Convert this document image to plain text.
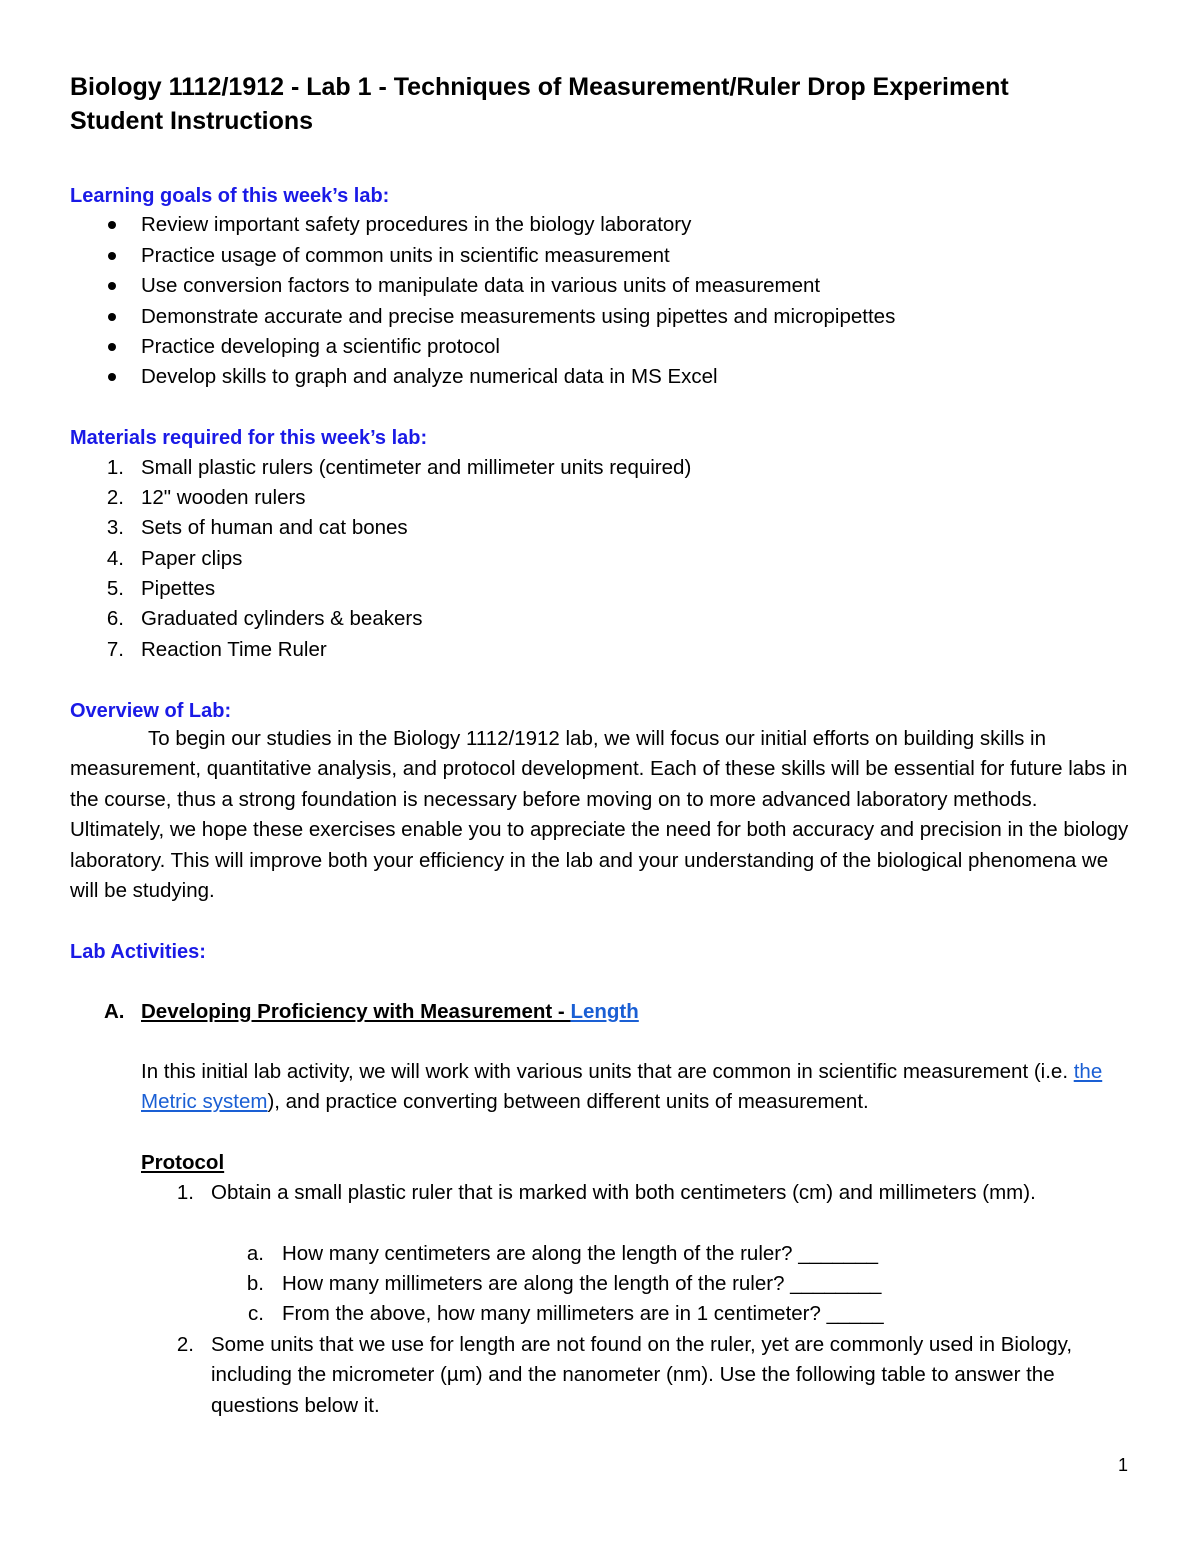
Biology 1112/1912 - Lab 1 - Techniques of Measurement/Ruler Drop Experiment
Student Instructions
Learning goals of this week’s lab:
Review important safety procedures in the biology laboratory
Practice usage of common units in scientific measurement
Use conversion factors to manipulate data in various units of measurement
Demonstrate accurate and precise measurements using pipettes and micropipettes
Practice developing a scientific protocol
Develop skills to graph and analyze numerical data in MS Excel
Materials required for this week’s lab:
1. Small plastic rulers (centimeter and millimeter units required)
2. 12" wooden rulers
3. Sets of human and cat bones
4. Paper clips
5. Pipettes
6. Graduated cylinders & beakers
7. Reaction Time Ruler
Overview of Lab:
To begin our studies in the Biology 1112/1912 lab, we will focus our initial efforts on building skills in measurement, quantitative analysis, and protocol development. Each of these skills will be essential for future labs in the course, thus a strong foundation is necessary before moving on to more advanced laboratory methods. Ultimately, we hope these exercises enable you to appreciate the need for both accuracy and precision in the biology laboratory. This will improve both your efficiency in the lab and your understanding of the biological phenomena we will be studying.
Lab Activities:
A. Developing Proficiency with Measurement - Length
In this initial lab activity, we will work with various units that are common in scientific measurement (i.e. the Metric system), and practice converting between different units of measurement.
Protocol
1. Obtain a small plastic ruler that is marked with both centimeters (cm) and millimeters (mm).
a. How many centimeters are along the length of the ruler? _______
b. How many millimeters are along the length of the ruler? ________
c. From the above, how many millimeters are in 1 centimeter? _____
2. Some units that we use for length are not found on the ruler, yet are commonly used in Biology, including the micrometer (µm) and the nanometer (nm). Use the following table to answer the questions below it.
1
